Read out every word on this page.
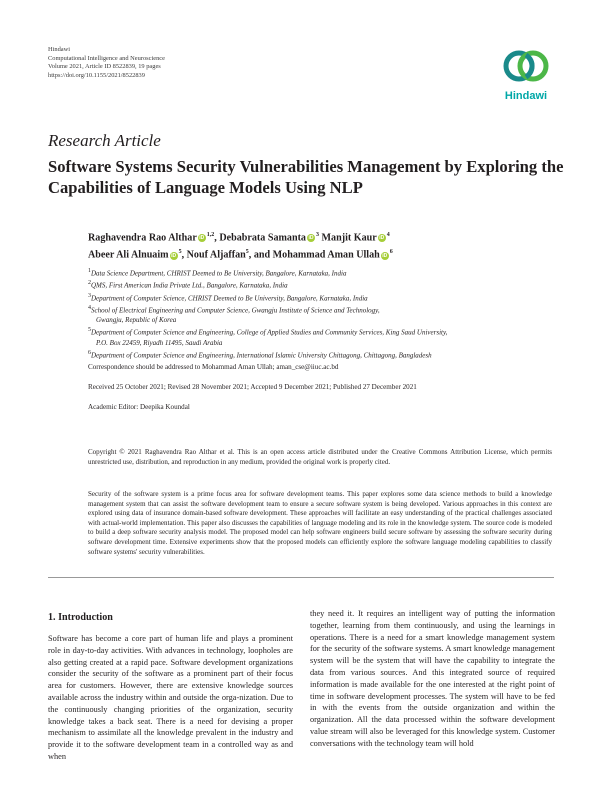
Hindawi
Computational Intelligence and Neuroscience
Volume 2021, Article ID 8522839, 19 pages
https://doi.org/10.1155/2021/8522839
Hindawi
Research Article
Software Systems Security Vulnerabilities Management by Exploring the Capabilities of Language Models Using NLP
Raghavendra Rao Althar iD$^{1,2}$, Debabrata Samanta $iD^3$ Manjit Kaur $iD^4$
Abeer Ali Alnuaim $iD^5$, Nouf Aljaffan$^5$, and Mohammad Aman Ullah $iD^6$
$^1$Data Science Department, CHRIST Deemed to Be University, Bangalore, Karnataka, India
$^2$QMS, First American India Private Ltd., Bangalore, Karnataka, India
$^3$Department of Computer Science, CHRIST Deemed to Be University, Bangalore, Karnataka, India
$^4$School of Electrical Engineering and Computer Science, Gwangju Institute of Science and Technology,
Gwangju, Republic of Korea
$^5$Department of Computer Science and Engineering, College of Applied Studies and Community Services, King Saud University,
P.O. Box 22459, Riyadh 11495, Saudi Arabia
$^6$Department of Computer Science and Engineering, International Islamic University Chittagong, Chittagong, Bangladesh
Correspondence should be addressed to Mohammad Aman Ullah; aman_cse@iiuc.ac.bd
Received 25 October 2021; Revised 28 November 2021; Accepted 9 December 2021; Published 27 December 2021
Academic Editor: Deepika Koundal
Copyright © 2021 Raghavendra Rao Althar et al. This is an open access article distributed under the Creative Commons Attribution License, which permits unrestricted use, distribution, and reproduction in any medium, provided the original work is properly cited.
Security of the software system is a prime focus area for software development teams. This paper explores some data science methods to build a knowledge management system that can assist the software development team to ensure a secure software system is being developed. Various approaches in this context are explored using data of insurance domain-based software development. These approaches will facilitate an easy understanding of the practical challenges associated with actual-world implementation. This paper also discusses the capabilities of language modeling and its role in the knowledge system. The source code is modeled to build a deep software security analysis model. The proposed model can help software engineers build secure software by assessing the software security during software development time. Extensive experiments show that the proposed models can efficiently explore the software language modeling capabilities to classify software systems' security vulnerabilities.
1. Introduction
Software has become a core part of human life and plays a prominent role in day-to-day activities. With advances in technology, loopholes are also getting created at a rapid pace. Software development organizations consider the security of the software as a prominent part of their focus area for customers. However, there are extensive knowledge sources available across the industry within and outside the orga-nization. Due to the continuously changing priorities of the organization, security knowledge takes a back seat. There is a need for devising a proper mechanism to assimilate all the knowledge prevalent in the industry and provide it to the software development team in a controlled way as and when
they need it. It requires an intelligent way of putting the information together, learning from them continuously, and using the learnings in operations. There is a need for a smart knowledge management system for the security of the software systems. A smart knowledge management system will be the system that will have the capability to integrate the data from various sources. And this integrated source of required information is made available for the one interested at the right point of time in software development processes. The system will have to be fed in with the events from the outside organization and within the organization. All the data processed within the software development value stream will also be leveraged for this knowledge system. Customer conversations with the technology team will hold
